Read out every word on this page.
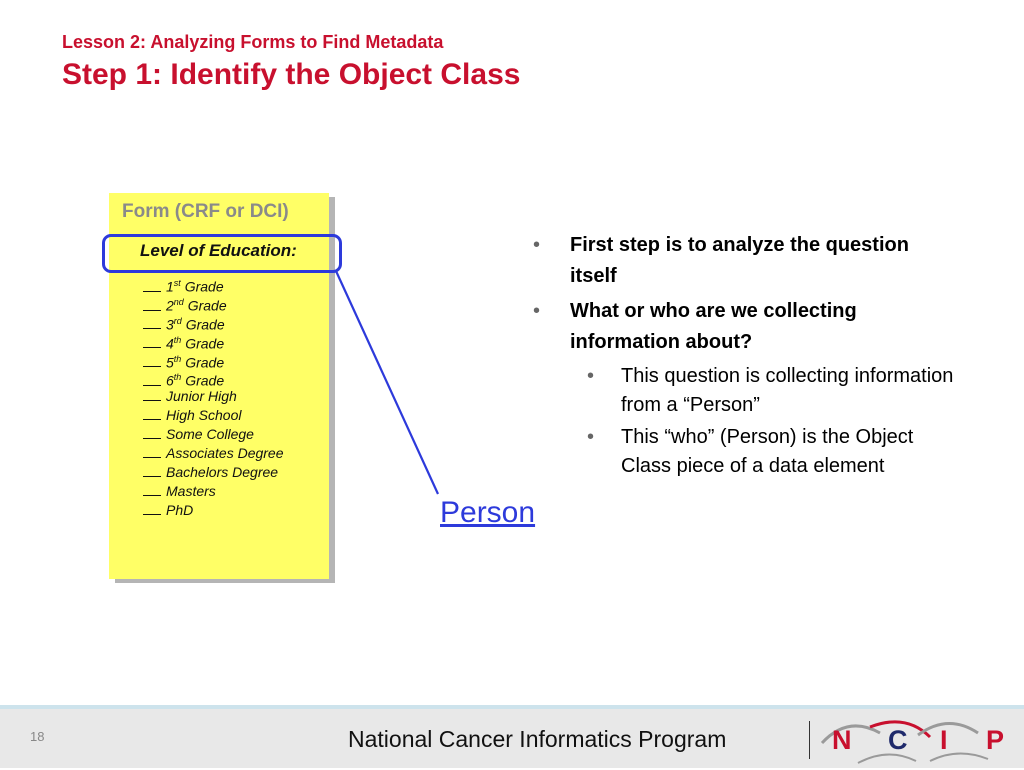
Lesson 2: Analyzing Forms to Find Metadata
Step 1: Identify the Object Class
Form (CRF or DCI)
Level of Education:
1st Grade
2nd Grade
3rd Grade
4th Grade
5th Grade
6th Grade
Junior High
High School
Some College
Associates Degree
Bachelors Degree
Masters
PhD	Person
• First step is to analyze the question itself
• What or who are we collecting information about?
• This question is collecting information from a “Person”
• This “who” (Person) is the Object Class piece of a data element
18	National Cancer Informatics Program	N C I P
